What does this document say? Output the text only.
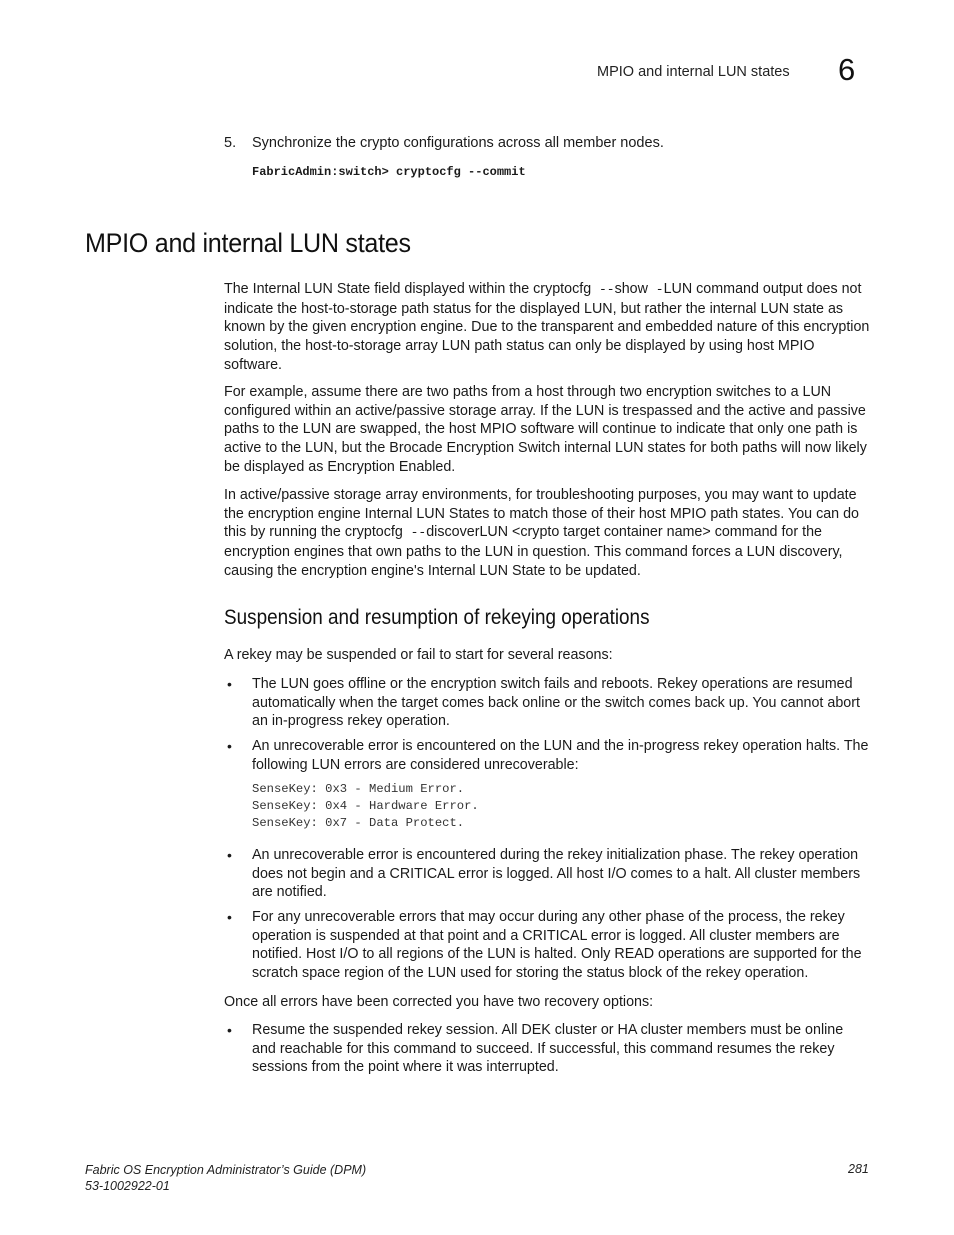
MPIO and internal LUN states 6
5. Synchronize the crypto configurations across all member nodes.
FabricAdmin:switch> cryptocfg --commit
MPIO and internal LUN states

The Internal LUN State field displayed within the cryptocfg --show -LUN command output does not indicate the host-to-storage path status for the displayed LUN, but rather the internal LUN state as known by the given encryption engine. Due to the transparent and embedded nature of this encryption solution, the host-to-storage array LUN path status can only be displayed by using host MPIO software.

For example, assume there are two paths from a host through two encryption switches to a LUN configured within an active/passive storage array. If the LUN is trespassed and the active and passive paths to the LUN are swapped, the host MPIO software will continue to indicate that only one path is active to the LUN, but the Brocade Encryption Switch internal LUN states for both paths will now likely be displayed as Encryption Enabled.

In active/passive storage array environments, for troubleshooting purposes, you may want to update the encryption engine Internal LUN States to match those of their host MPIO path states. You can do this by running the cryptocfg --discoverLUN <crypto target container name> command for the encryption engines that own paths to the LUN in question. This command forces a LUN discovery, causing the encryption engine's Internal LUN State to be updated.

Suspension and resumption of rekeying operations
A rekey may be suspended or fail to start for several reasons:
• The LUN goes offline or the encryption switch fails and reboots. Rekey operations are resumed automatically when the target comes back online or the switch comes back up. You cannot abort an in-progress rekey operation.
• An unrecoverable error is encountered on the LUN and the in-progress rekey operation halts. The following LUN errors are considered unrecoverable:
SenseKey: 0x3 - Medium Error.
SenseKey: 0x4 - Hardware Error.
SenseKey: 0x7 - Data Protect.
• An unrecoverable error is encountered during the rekey initialization phase. The rekey operation does not begin and a CRITICAL error is logged. All host I/O comes to a halt. All cluster members are notified.
• For any unrecoverable errors that may occur during any other phase of the process, the rekey operation is suspended at that point and a CRITICAL error is logged. All cluster members are notified. Host I/O to all regions of the LUN is halted. Only READ operations are supported for the scratch space region of the LUN used for storing the status block of the rekey operation.
Once all errors have been corrected you have two recovery options:
• Resume the suspended rekey session. All DEK cluster or HA cluster members must be online and reachable for this command to succeed. If successful, this command resumes the rekey sessions from the point where it was interrupted.
Fabric OS Encryption Administrator’s Guide (DPM)
53-1002922-01
281
